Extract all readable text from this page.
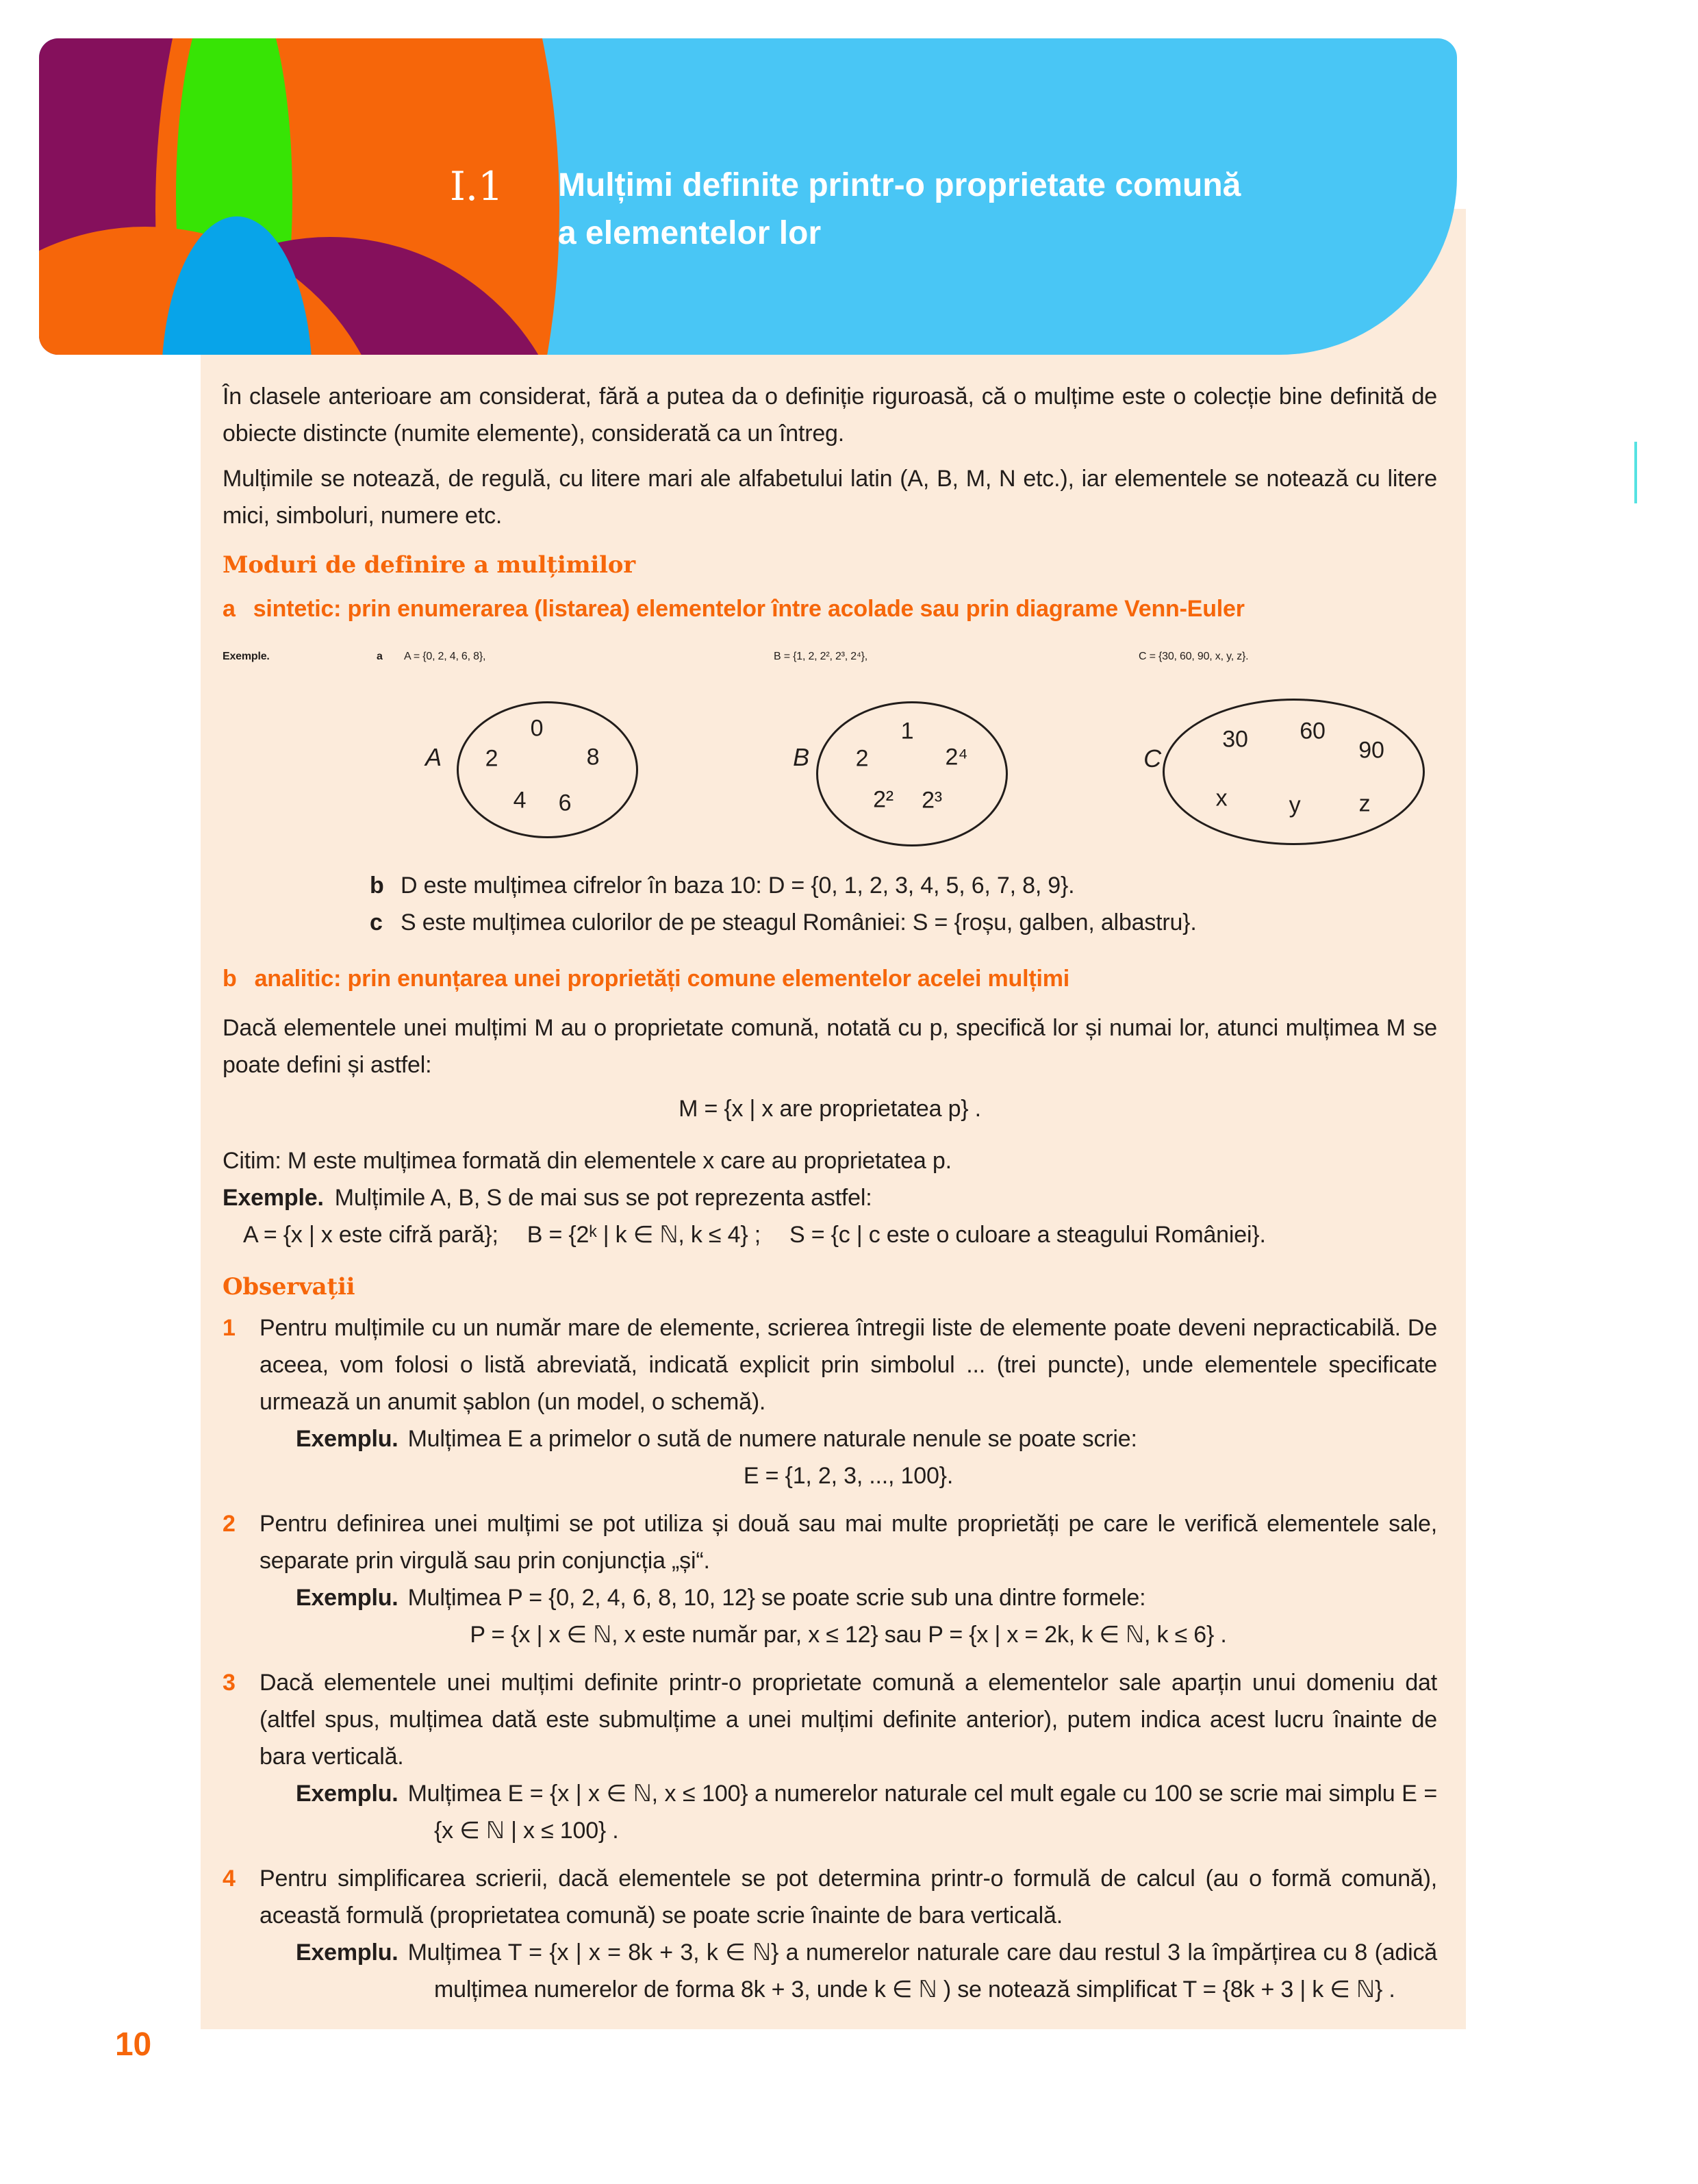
I.1	Mulțimi definite printr-o proprietate comună
a elementelor lor

În clasele anterioare am considerat, fără a putea da o definiție riguroasă, că o mulțime este o colecție bine definită de obiecte distincte (numite elemente), considerată ca un întreg.

Mulțimile se notează, de regulă, cu litere mari ale alfabetului latin (A, B, M, N etc.), iar elementele se notează cu litere mici, simboluri, numere etc.

Moduri de definire a mulțimilor
a sintetic: prin enumerarea (listarea) elementelor între acolade sau prin diagrame Venn-Euler
Exemple.	a A = {0, 2, 4, 6, 8},	B = {1, 2, 2², 2³, 2⁴},	C = {30, 60, 90, x, y, z}.
A
0
2	8
4 6
B
1
2	2⁴
2² 2³
C
30 60
90
x	y	z

b D este mulțimea cifrelor în baza 10: D = {0, 1, 2, 3, 4, 5, 6, 7, 8, 9}.

c S este mulțimea culorilor de pe steagul României: S = {roșu, galben, albastru}.

b analitic: prin enunțarea unei proprietăți comune elementelor acelei mulțimi

Dacă elementele unei mulțimi M au o proprietate comună, notată cu p, specifică lor și numai lor, atunci mulțimea M se poate defini și astfel:

M = {x | x are proprietatea p} .

Citim: M este mulțimea formată din elementele x care au proprietatea p.

Exemple. Mulțimile A, B, S de mai sus se pot reprezenta astfel:

A = {x | x este cifră pară}; B = {2ᵏ | k ∈ ℕ, k ≤ 4} ; S = {c | c este o culoare a steagului României}.

Observații
1 Pentru mulțimile cu un număr mare de elemente, scrierea întregii liste de elemente poate deveni nepracticabilă. De aceea, vom folosi o listă abreviată, indicată explicit prin simbolul ... (trei puncte), unde elementele specificate urmează un anumit șablon (un model, o schemă).

Exemplu. Mulțimea E a primelor o sută de numere naturale nenule se poate scrie:

E = {1, 2, 3, ..., 100}.

2 Pentru definirea unei mulțimi se pot utiliza și două sau mai multe proprietăți pe care le verifică elementele sale, separate prin virgulă sau prin conjuncția „și“.

Exemplu. Mulțimea P = {0, 2, 4, 6, 8, 10, 12} se poate scrie sub una dintre formele:

P = {x | x ∈ ℕ, x este număr par, x ≤ 12} sau P = {x | x = 2k, k ∈ ℕ, k ≤ 6} .

3 Dacă elementele unei mulțimi definite printr-o proprietate comună a elementelor sale aparțin unui domeniu dat (altfel spus, mulțimea dată este submulțime a unei mulțimi definite anterior), putem indica acest lucru înainte de bara verticală.

Exemplu. Mulțimea E = {x | x ∈ ℕ, x ≤ 100} a numerelor naturale cel mult egale cu 100 se scrie mai simplu E = {x ∈ ℕ | x ≤ 100} .

4 Pentru simplificarea scrierii, dacă elementele se pot determina printr-o formulă de calcul (au o formă comună), această formulă (proprietatea comună) se poate scrie înainte de bara verticală.

Exemplu. Mulțimea T = {x | x = 8k + 3, k ∈ ℕ} a numerelor naturale care dau restul 3 la împărțirea cu 8 (adică mulțimea numerelor de forma 8k + 3, unde k ∈ ℕ ) se notează simplificat T = {8k + 3 | k ∈ ℕ} .

10
